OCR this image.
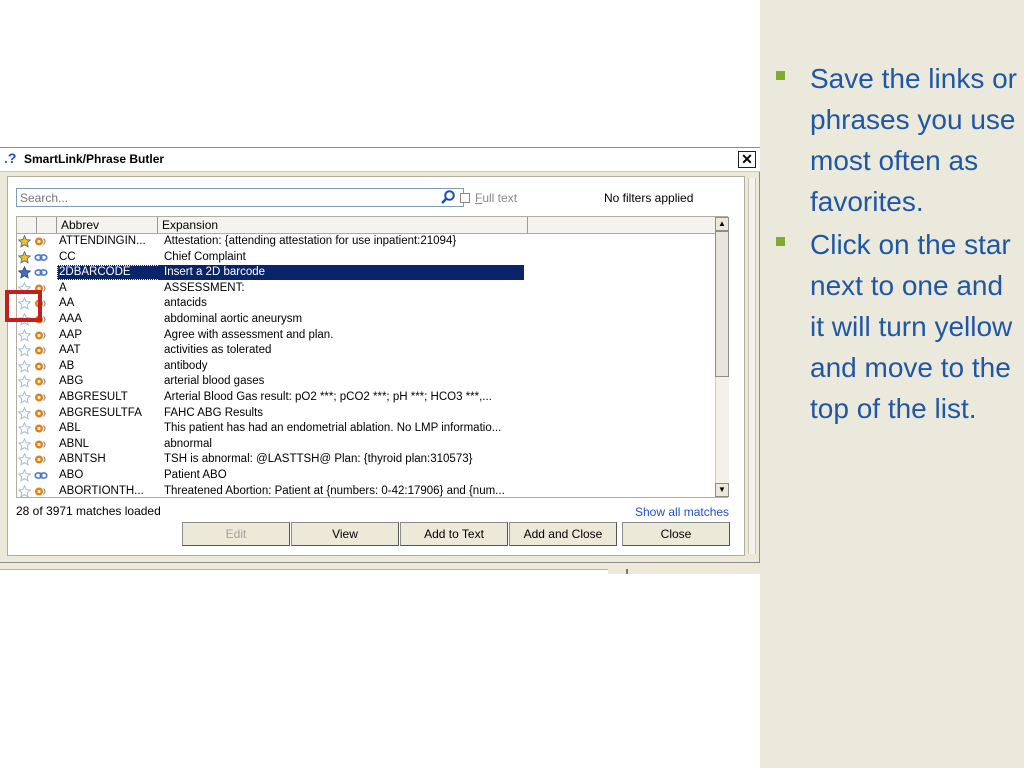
.? SmartLink/Phrase Butler	✕
Search...
Full text	No filters applied
Abbrev	Expansion
ATTENDINGIN...	Attestation: {attending attestation for use inpatient:21094}
CC	Chief Complaint
2DBARCODE	Insert a 2D barcode
A	ASSESSMENT:
AA	antacids
AAA	abdominal aortic aneurysm
AAP	Agree with assessment and plan.
AAT	activities as tolerated
AB	antibody
ABG	arterial blood gases
ABGRESULT	Arterial Blood Gas result: pO2 ***; pCO2 ***; pH ***; HCO3 ***,...
ABGRESULTFA	FAHC ABG Results
ABL	This patient has had an endometrial ablation. No LMP informatio...
ABNL	abnormal
ABNTSH	TSH is abnormal: @LASTTSH@ Plan: {thyroid plan:310573}
ABO	Patient ABO
ABORTIONTH...	Threatened Abortion: Patient at {numbers: 0-42:17906} and {num...
▲
▼
28 of 3971 matches loaded	Show all matches
Edit	View	Add to Text	Add and Close	Close
Save the links or phrases you use most often as favorites.
Click on the star next to one and it will turn yellow and move to the top of the list.
